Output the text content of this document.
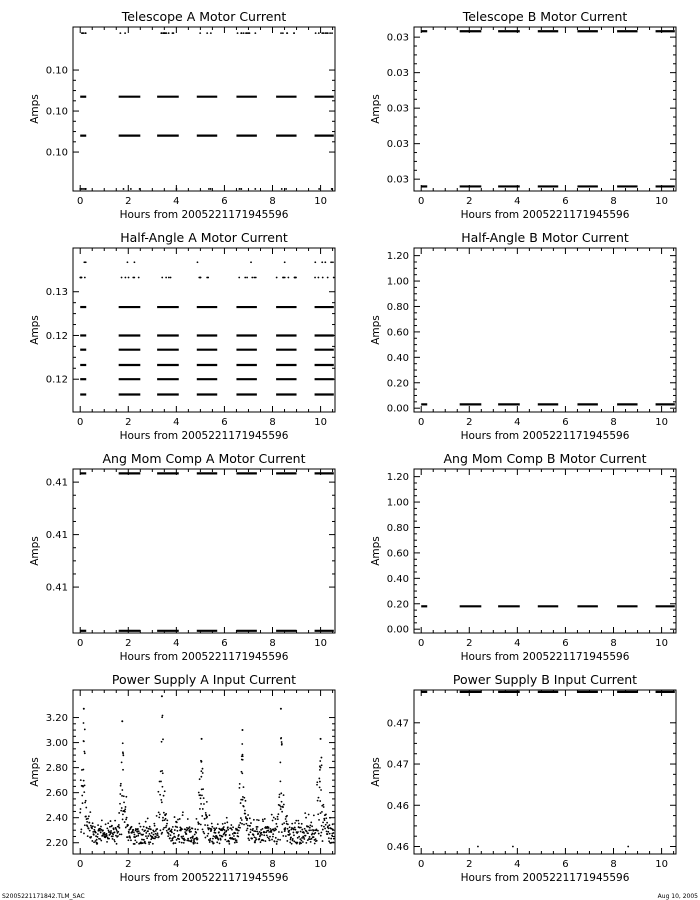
Telescope A Motor Current
Hours from 2005221171945596
Amps
0	2	4	6	8	10
0.10
0.10
0.10
Telescope B Motor Current
Hours from 2005221171945596
Amps
0	2	4	6	8	10
0.03
0.03
0.03
0.03
0.03
Half-Angle A Motor Current
Hours from 2005221171945596
Amps
0	2	4	6	8	10
0.12
0.12
0.13
Half-Angle B Motor Current
Hours from 2005221171945596
Amps
0	2	4	6	8	10
0.00
0.20
0.40
0.60
0.80
1.00
1.20
Ang Mom Comp A Motor Current
Hours from 2005221171945596
Amps
0	2	4	6	8	10
0.41
0.41
0.41
Ang Mom Comp B Motor Current
Hours from 2005221171945596
Amps
0	2	4	6	8	10
0.00
0.20
0.40
0.60
0.80
1.00
1.20
Power Supply A Input Current
Hours from 2005221171945596
Amps
0	2	4	6	8	10
2.20
2.40
2.60
2.80
3.00
3.20
Power Supply B Input Current
Hours from 2005221171945596
Amps
0	2	4	6	8	10
0.46
0.46
0.47
0.47
S2005221171842.TLM_SAC	Aug 10, 2005
